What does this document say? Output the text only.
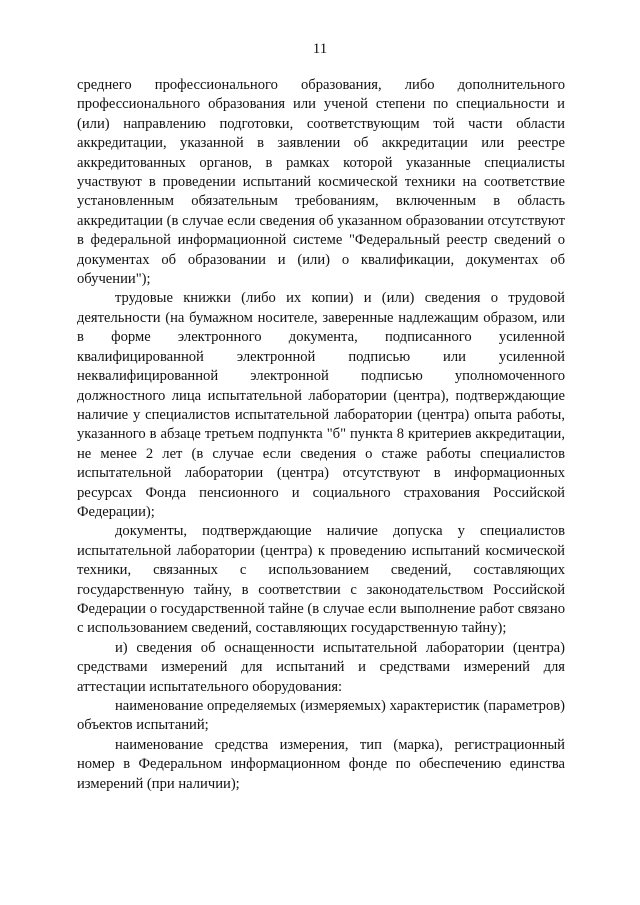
11

среднего профессионального образования, либо дополнительного профессионального образования или ученой степени по специальности и (или) направлению подготовки, соответствующим той части области аккредитации, указанной в заявлении об аккредитации или реестре аккредитованных органов, в рамках которой указанные специалисты участвуют в проведении испытаний космической техники на соответствие установленным обязательным требованиям, включенным в область аккредитации (в случае если сведения об указанном образовании отсутствуют в федеральной информационной системе "Федеральный реестр сведений о документах об образовании и (или) о квалификации, документах об обучении");

трудовые книжки (либо их копии) и (или) сведения о трудовой деятельности (на бумажном носителе, заверенные надлежащим образом, или в форме электронного документа, подписанного усиленной квалифицированной электронной подписью или усиленной неквалифицированной электронной подписью уполномоченного должностного лица испытательной лаборатории (центра), подтверждающие наличие у специалистов испытательной лаборатории (центра) опыта работы, указанного в абзаце третьем подпункта "б" пункта 8 критериев аккредитации, не менее 2 лет (в случае если сведения о стаже работы специалистов испытательной лаборатории (центра) отсутствуют в информационных ресурсах Фонда пенсионного и социального страхования Российской Федерации);

документы, подтверждающие наличие допуска у специалистов испытательной лаборатории (центра) к проведению испытаний космической техники, связанных с использованием сведений, составляющих государственную тайну, в соответствии с законодательством Российской Федерации о государственной тайне (в случае если выполнение работ связано с использованием сведений, составляющих государственную тайну);

и) сведения об оснащенности испытательной лаборатории (центра) средствами измерений для испытаний и средствами измерений для аттестации испытательного оборудования:

наименование определяемых (измеряемых) характеристик (параметров) объектов испытаний;

наименование средства измерения, тип (марка), регистрационный номер в Федеральном информационном фонде по обеспечению единства измерений (при наличии);
